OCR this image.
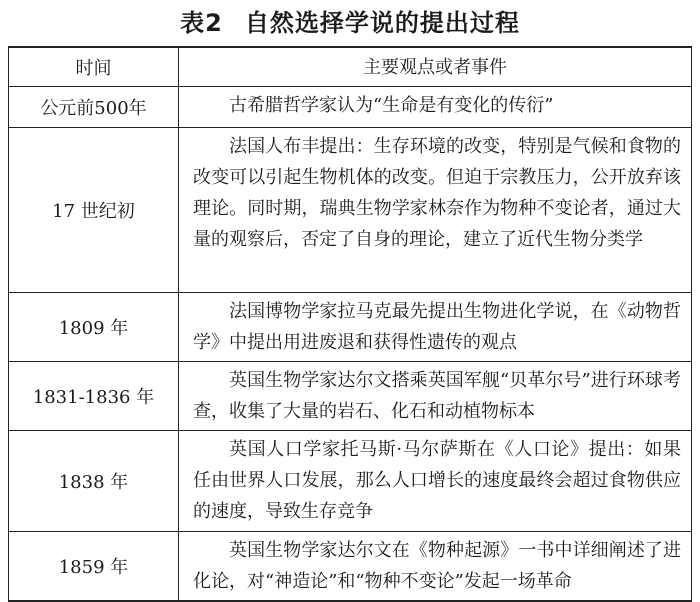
表2 自然选择学说的提出过程
时间	主要观点或者事件
公元前500年	古希腊哲学家认为“生命是有变化的传衍”
17 世纪初
法国人布丰提出：生存环境的改变，特别是气候和食物的改变可以引起生物机体的改变。但迫于宗教压力，公开放弃该理论。同时期，瑞典生物学家林奈作为物种不变论者，通过大量的观察后，否定了自身的理论，建立了近代生物分类学
1809 年
法国博物学家拉马克最先提出生物进化学说，在《动物哲学》中提出用进废退和获得性遗传的观点
1831-1836 年
英国生物学家达尔文搭乘英国军舰“贝革尔号”进行环球考查，收集了大量的岩石、化石和动植物标本
1838 年
英国人口学家托马斯·马尔萨斯在《人口论》提出：如果任由世界人口发展，那么人口增长的速度最终会超过食物供应的速度，导致生存竞争
1859 年
英国生物学家达尔文在《物种起源》一书中详细阐述了进化论，对“神造论”和“物种不变论”发起一场革命
